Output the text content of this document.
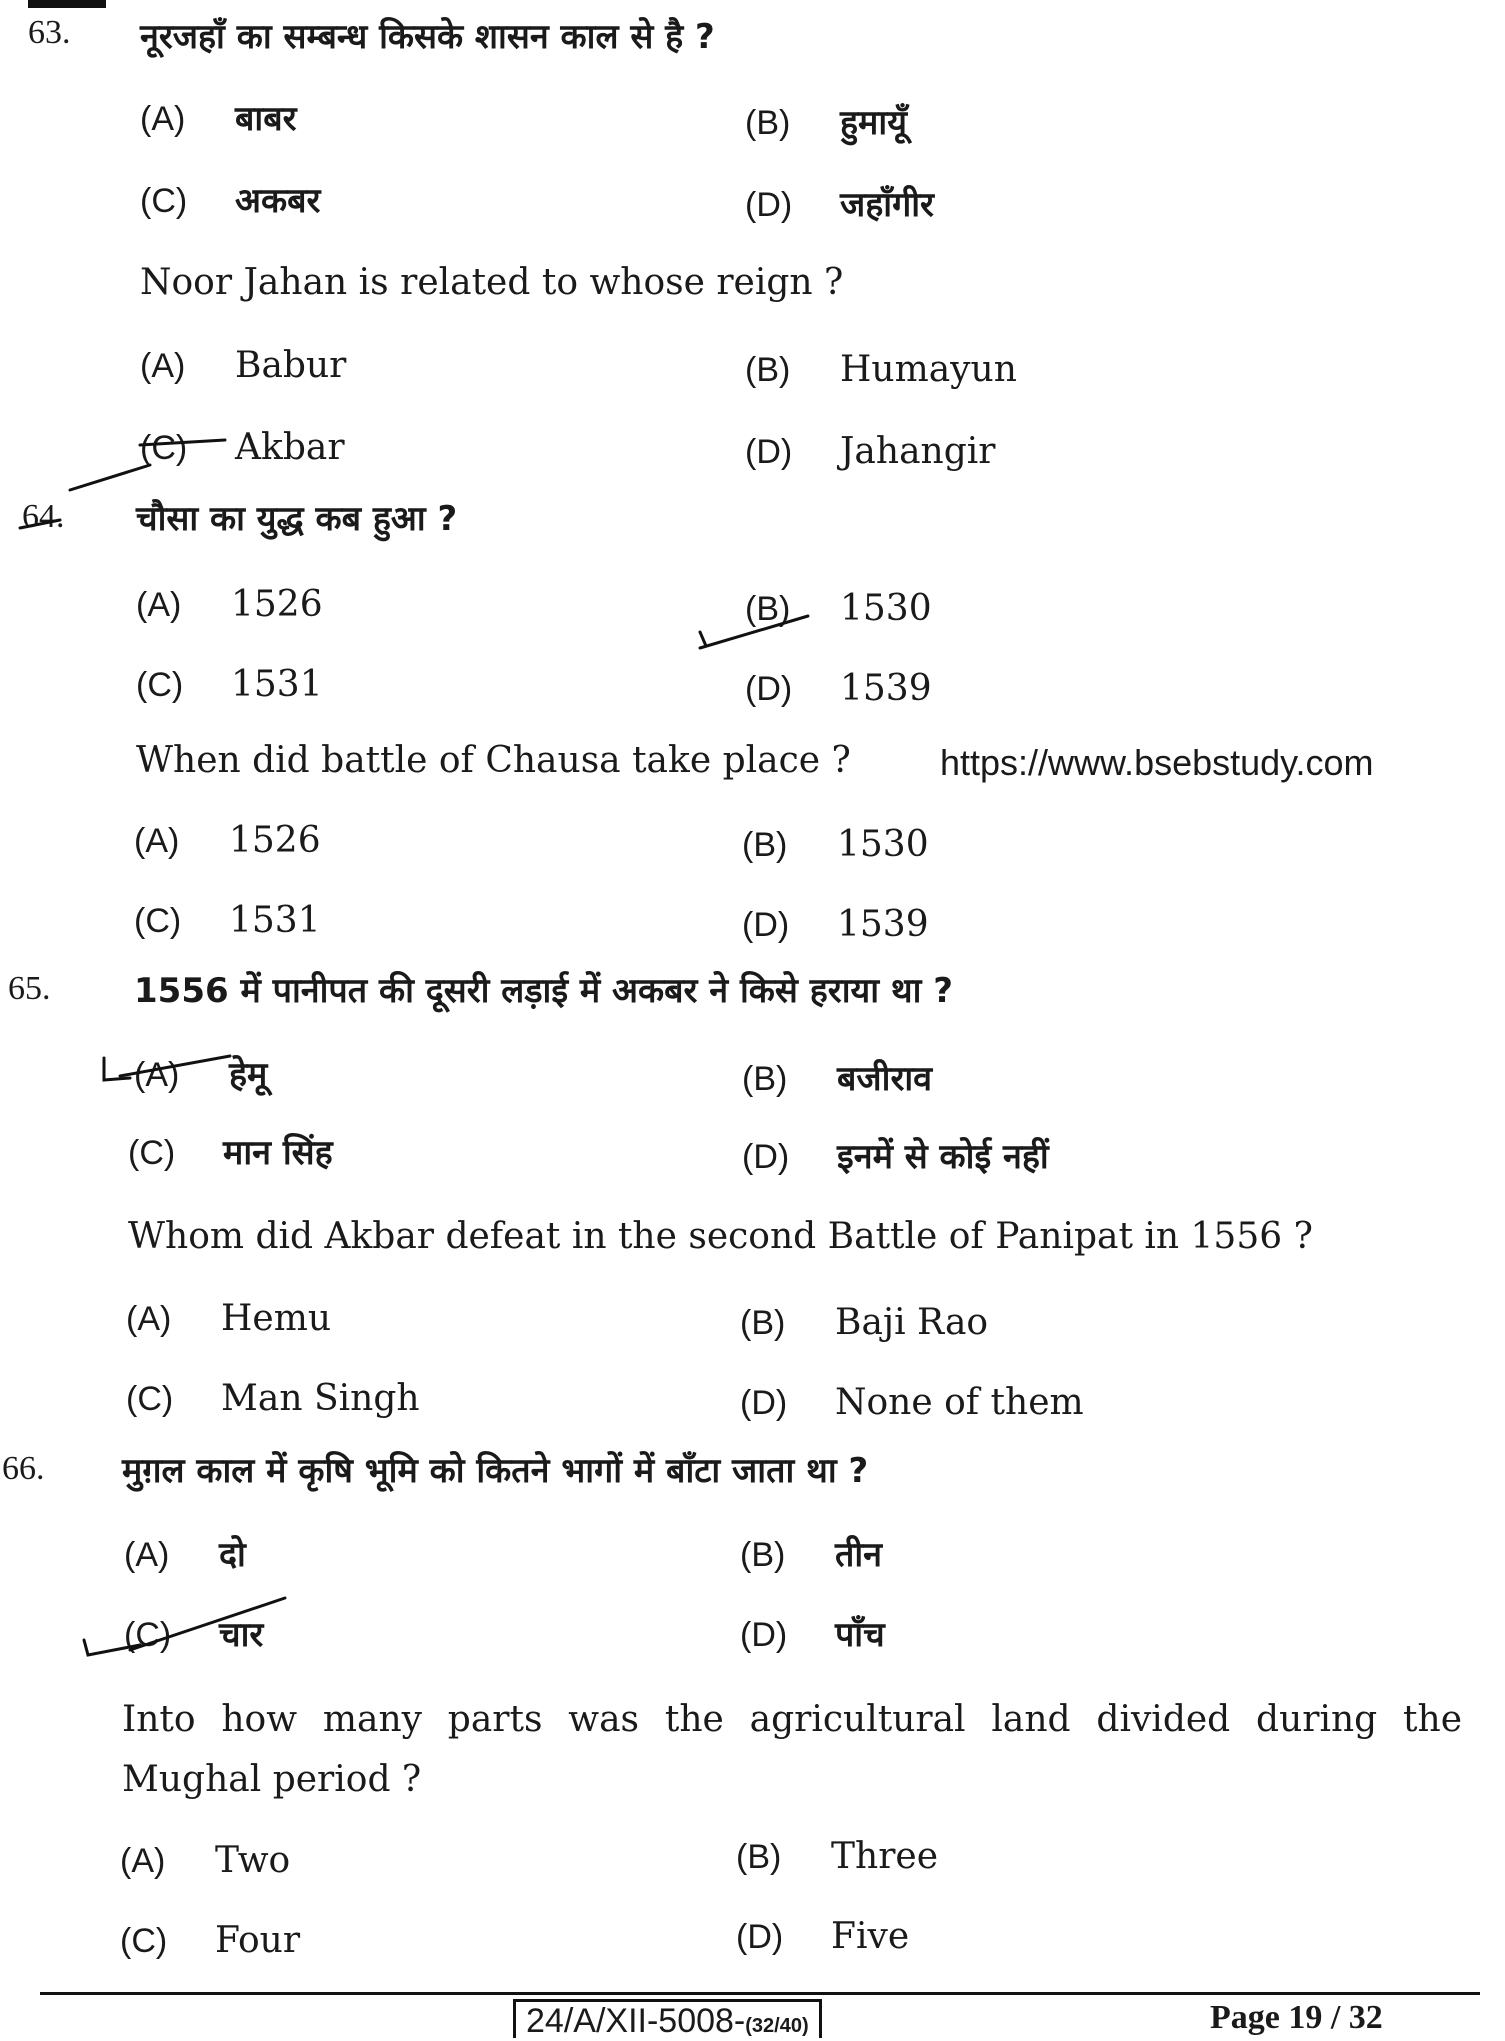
63. नूरजहाँ का सम्बन्ध किसके शासन काल से है ?
(A) बाबर	(B) हुमायूँ
(C) अकबर	(D) जहाँगीर
Noor Jahan is related to whose reign ?
(A) Babur	(B) Humayun
(C) Akbar	(D) Jahangir
64. चौसा का युद्ध कब हुआ ?
(A) 1526	(B) 1530
(C) 1531	(D) 1539
When did battle of Chausa take place ? https://www.bsebstudy.com
(A) 1526	(B) 1530
(C) 1531	(D) 1539
65. 1556 में पानीपत की दूसरी लड़ाई में अकबर ने किसे हराया था ?
(A) हेमू	(B) बजीराव
(C) मान सिंह	(D) इनमें से कोई नहीं
Whom did Akbar defeat in the second Battle of Panipat in 1556 ?
(A) Hemu	(B) Baji Rao
(C) Man Singh	(D) None of them
66. मुग़ल काल में कृषि भूमि को कितने भागों में बाँटा जाता था ?
(A) दो	(B) तीन
(C) चार	(D) पाँच
Into how many parts was the agricultural land divided during the Mughal period ?
(A) Two	(B) Three
(C) Four	(D) Five
24/A/XII-5008-(32/40)	Page 19 / 32
